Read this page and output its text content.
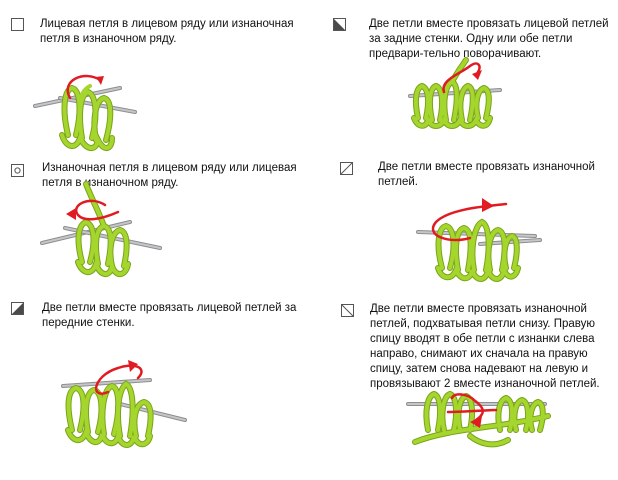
Лицевая петля в лицевом ряду или изнаночная петля в изнаночном ряду.

Изнаночная петля в лицевом ряду или лицевая петля в изнаночном ряду.

Две петли вместе провязать лицевой петлей за передние стенки.

Две петли вместе провязать лицевой петлей за задние стенки. Одну или обе петли предвари-тельно поворачивают.

Две петли вместе провязать изнаночной петлей.

Две петли вместе провязать изнаночной петлей, подхватывая петли снизу. Правую спицу вводят в обе петли с изнанки слева направо, снимают их сначала на правую спицу, затем снова надевают на левую и провязывают 2 вместе изнаночной петлей.
